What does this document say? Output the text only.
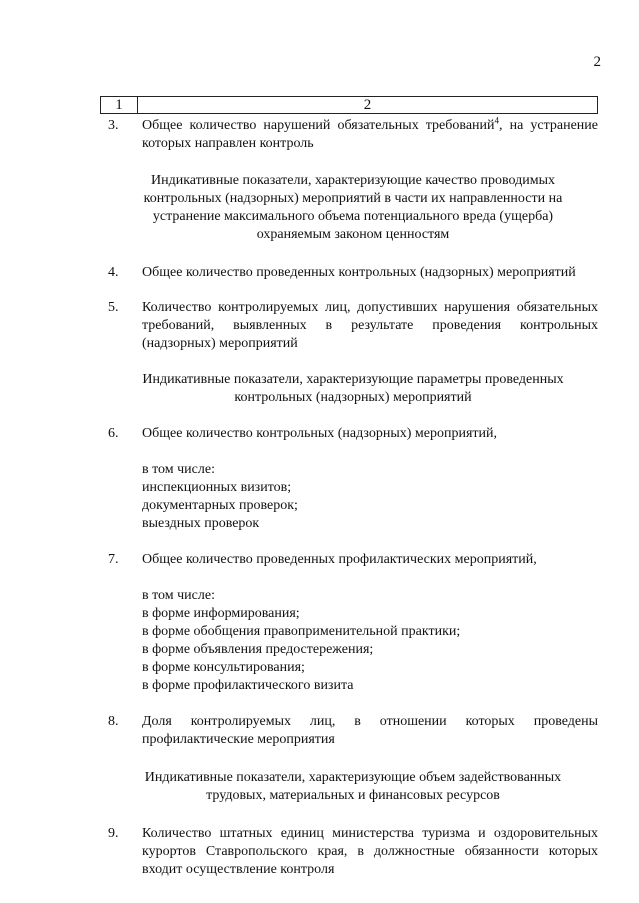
2
1	2
3.	Общее количество нарушений обязательных требований$^4$, на устранение которых направлен контроль
Индикативные показатели, характеризующие качество проводимых контрольных (надзорных) мероприятий в части их направленности на устранение максимального объема потенциального вреда (ущерба) охраняемым законом ценностям
4.	Общее количество проведенных контрольных (надзорных) мероприятий
5.	Количество контролируемых лиц, допустивших нарушения обязательных требований, выявленных в результате проведения контрольных (надзорных) мероприятий
Индикативные показатели, характеризующие параметры проведенных контрольных (надзорных) мероприятий
6.	Общее количество контрольных (надзорных) мероприятий,
в том числе:
инспекционных визитов;
документарных проверок;
выездных проверок
7.	Общее количество проведенных профилактических мероприятий,
в том числе:
в форме информирования;
в форме обобщения правоприменительной практики;
в форме объявления предостережения;
в форме консультирования;
в форме профилактического визита
8.	Доля контролируемых лиц, в отношении которых проведены профилактические мероприятия
Индикативные показатели, характеризующие объем задействованных трудовых, материальных и финансовых ресурсов
9.	Количество штатных единиц министерства туризма и оздоровительных курортов Ставропольского края, в должностные обязанности которых входит осуществление контроля
